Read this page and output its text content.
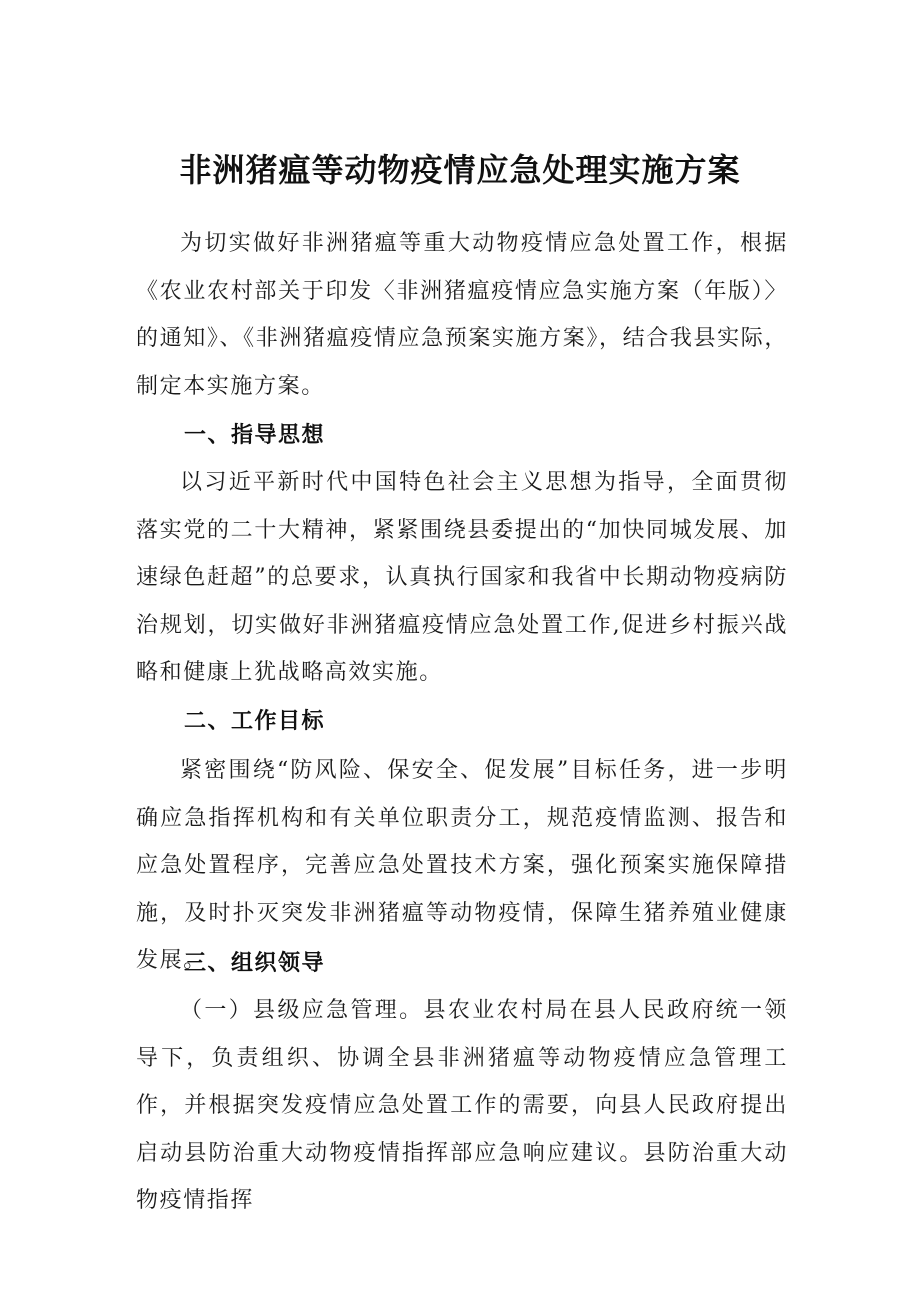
非洲猪瘟等动物疫情应急处理实施方案

为切实做好非洲猪瘟等重大动物疫情应急处置工作，根据《农业农村部关于印发〈非洲猪瘟疫情应急实施方案（年版）〉的通知》、《非洲猪瘟疫情应急预案实施方案》，结合我县实际，制定本实施方案。

一、指导思想

以习近平新时代中国特色社会主义思想为指导，全面贯彻落实党的二十大精神，紧紧围绕县委提出的“加快同城发展、加速绿色赶超”的总要求，认真执行国家和我省中长期动物疫病防治规划，切实做好非洲猪瘟疫情应急处置工作,促进乡村振兴战略和健康上犹战略高效实施。

二、工作目标

紧密围绕“防风险、保安全、促发展”目标任务，进一步明确应急指挥机构和有关单位职责分工，规范疫情监测、报告和应急处置程序，完善应急处置技术方案，强化预案实施保障措施，及时扑灭突发非洲猪瘟等动物疫情，保障生猪养殖业健康发展。

三、组织领导

（一）县级应急管理。县农业农村局在县人民政府统一领导下，负责组织、协调全县非洲猪瘟等动物疫情应急管理工作，并根据突发疫情应急处置工作的需要，向县人民政府提出启动县防治重大动物疫情指挥部应急响应建议。县防治重大动物疫情指挥
